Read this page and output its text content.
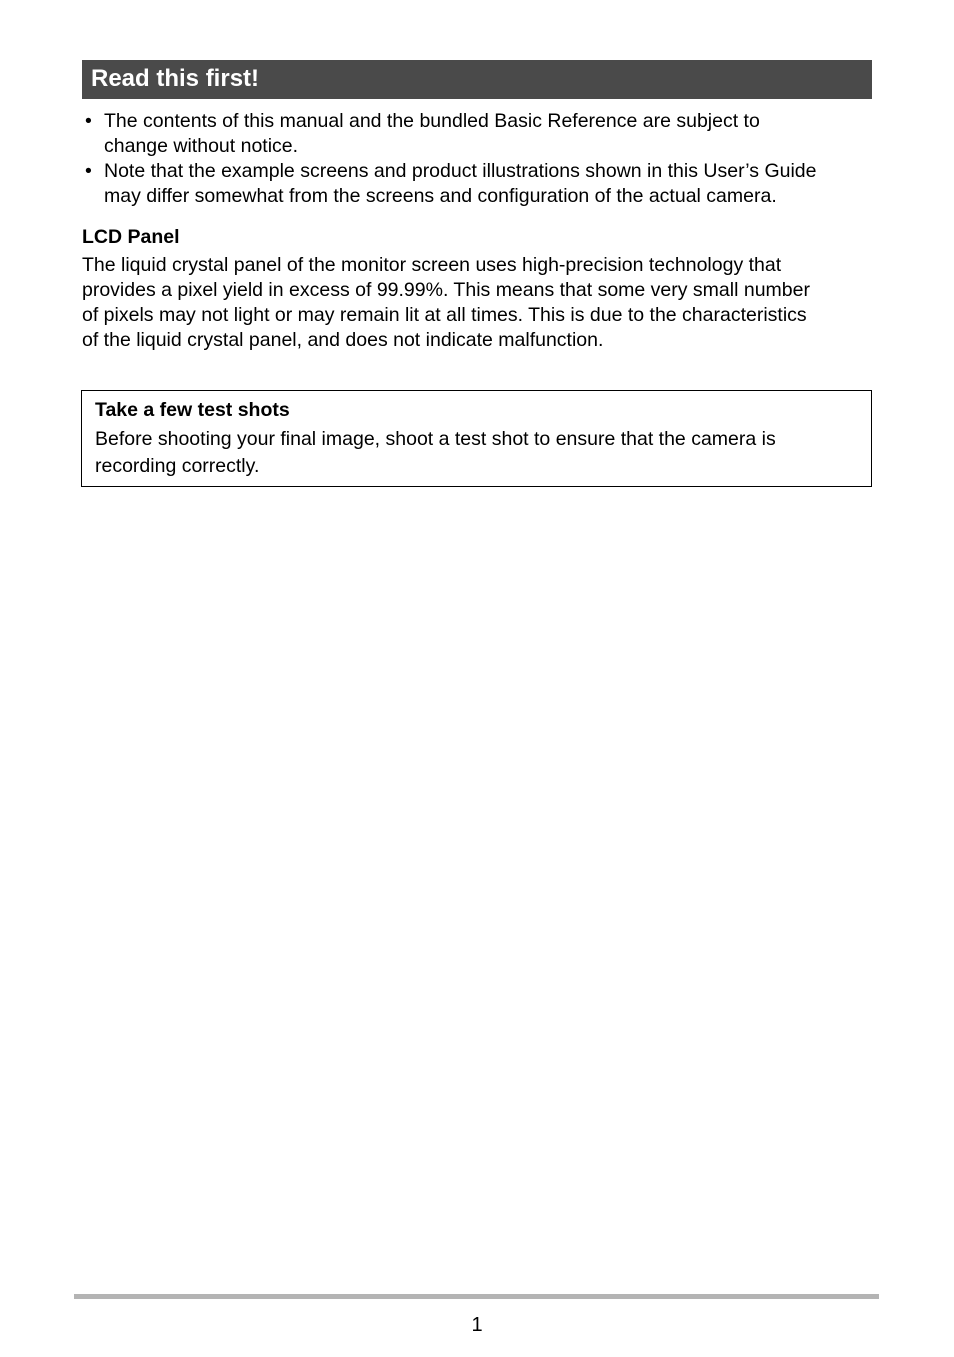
Read this first!
• The contents of this manual and the bundled Basic Reference are subject to
change without notice.
• Note that the example screens and product illustrations shown in this User’s Guide
may differ somewhat from the screens and configuration of the actual camera.
LCD Panel

The liquid crystal panel of the monitor screen uses high-precision technology that
provides a pixel yield in excess of 99.99%. This means that some very small number
of pixels may not light or may remain lit at all times. This is due to the characteristics
of the liquid crystal panel, and does not indicate malfunction.

Take a few test shots

Before shooting your final image, shoot a test shot to ensure that the camera is
recording correctly.

1
